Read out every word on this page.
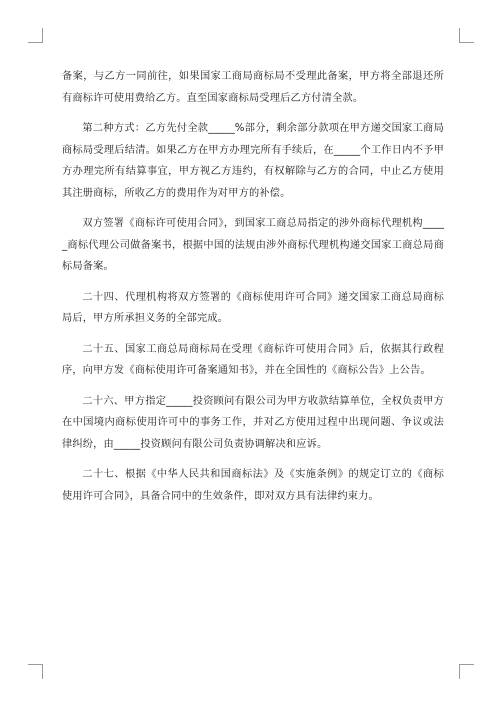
备案，与乙方一同前往，如果国家工商局商标局不受理此备案，甲方将全部退还所有商标许可使用费给乙方。直至国家商标局受理后乙方付清全款。

第二种方式：乙方先付全款_____%部分，剩余部分款项在甲方递交国家工商局商标局受理后结清。如果乙方在甲方办理完所有手续后，在_____个工作日内不予甲方办理完所有结算事宜，甲方视乙方违约，有权解除与乙方的合同，中止乙方使用其注册商标，所收乙方的费用作为对甲方的补偿。

双方签署《商标许可使用合同》，到国家工商总局指定的涉外商标代理机构_____商标代理公司做备案书，根据中国的法规由涉外商标代理机构递交国家工商总局商标局备案。

二十四、代理机构将双方签署的《商标使用许可合同》递交国家工商总局商标局后，甲方所承担义务的全部完成。

二十五、国家工商总局商标局在受理《商标许可使用合同》后，依据其行政程序，向甲方发《商标使用许可备案通知书》，并在全国性的《商标公告》上公告。

二十六、甲方指定_____投资顾问有限公司为甲方收款结算单位，全权负责甲方在中国境内商标使用许可中的事务工作，并对乙方使用过程中出现问题、争议或法律纠纷，由_____投资顾问有限公司负责协调解决和应诉。

二十七、根据《中华人民共和国商标法》及《实施条例》的规定订立的《商标使用许可合同》，具备合同中的生效条件，即对双方具有法律约束力。
